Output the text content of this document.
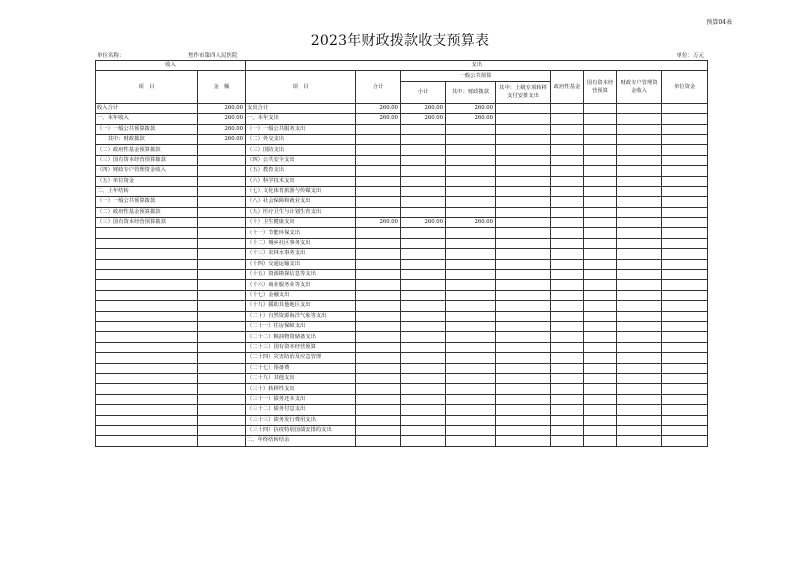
预算04表
2023年财政拨款收支预算表
单位名称：	焦作市第四人民医院	单位：万元
收入		支出								
项　目	金　额	项　目	合计	一般公共预算			政府性基金	国有资本经营预算	财政专户管理资金收入	单位资金
				小计	其中：财政拨款	其中：上级专项转移支付安排支出				
收入合计	260.00	支出合计	260.00	260.00	260.00					
一、本年收入	260.00	一、本年支出	260.00	260.00	260.00					
（一）一般公共预算拨款	260.00	（一）一般公共服务支出								
　　其中：财政拨款	260.00	（二）外交支出								
（二）政府性基金预算拨款		（三）国防支出								
（三）国有资本经营预算拨款		（四）公共安全支出								
（四）财政专户管理资金收入		（五）教育支出								
（五）单位资金		（六）科学技术支出								
二、上年结转		（七）文化体育旅游与传媒支出								
（一）一般公共预算拨款		（八）社会保障和就业支出								
（二）政府性基金预算拨款		（九）医疗卫生与计划生育支出								
（三）国有资本经营预算拨款		（十）卫生健康支出	260.00	260.00	260.00					
		（十一）节能环保支出								
		（十二）城乡社区事务支出								
		（十三）农林水事务支出								
		（十四）交通运输支出								
		（十五）资源勘探信息等支出								
		（十六）商业服务业等支出								
		（十七）金融支出								
		（十九）援助其他地区支出								
		（二十）自然资源海洋气象等支出								
		（二十一）住房保障支出								
		（二十二）粮油物资储备支出								
		（二十三）国有资本经营预算								
		（二十四）灾害防治及应急管理								
		（二十七）预备费								
		（二十九）其他支出								
		（三十）转移性支出								
		（三十一）债务还本支出								
		（三十二）债务付息支出								
		（三十三）债务发行费用支出								
		（三十四）抗疫特别国债安排的支出								
		二、年终结转结余								
